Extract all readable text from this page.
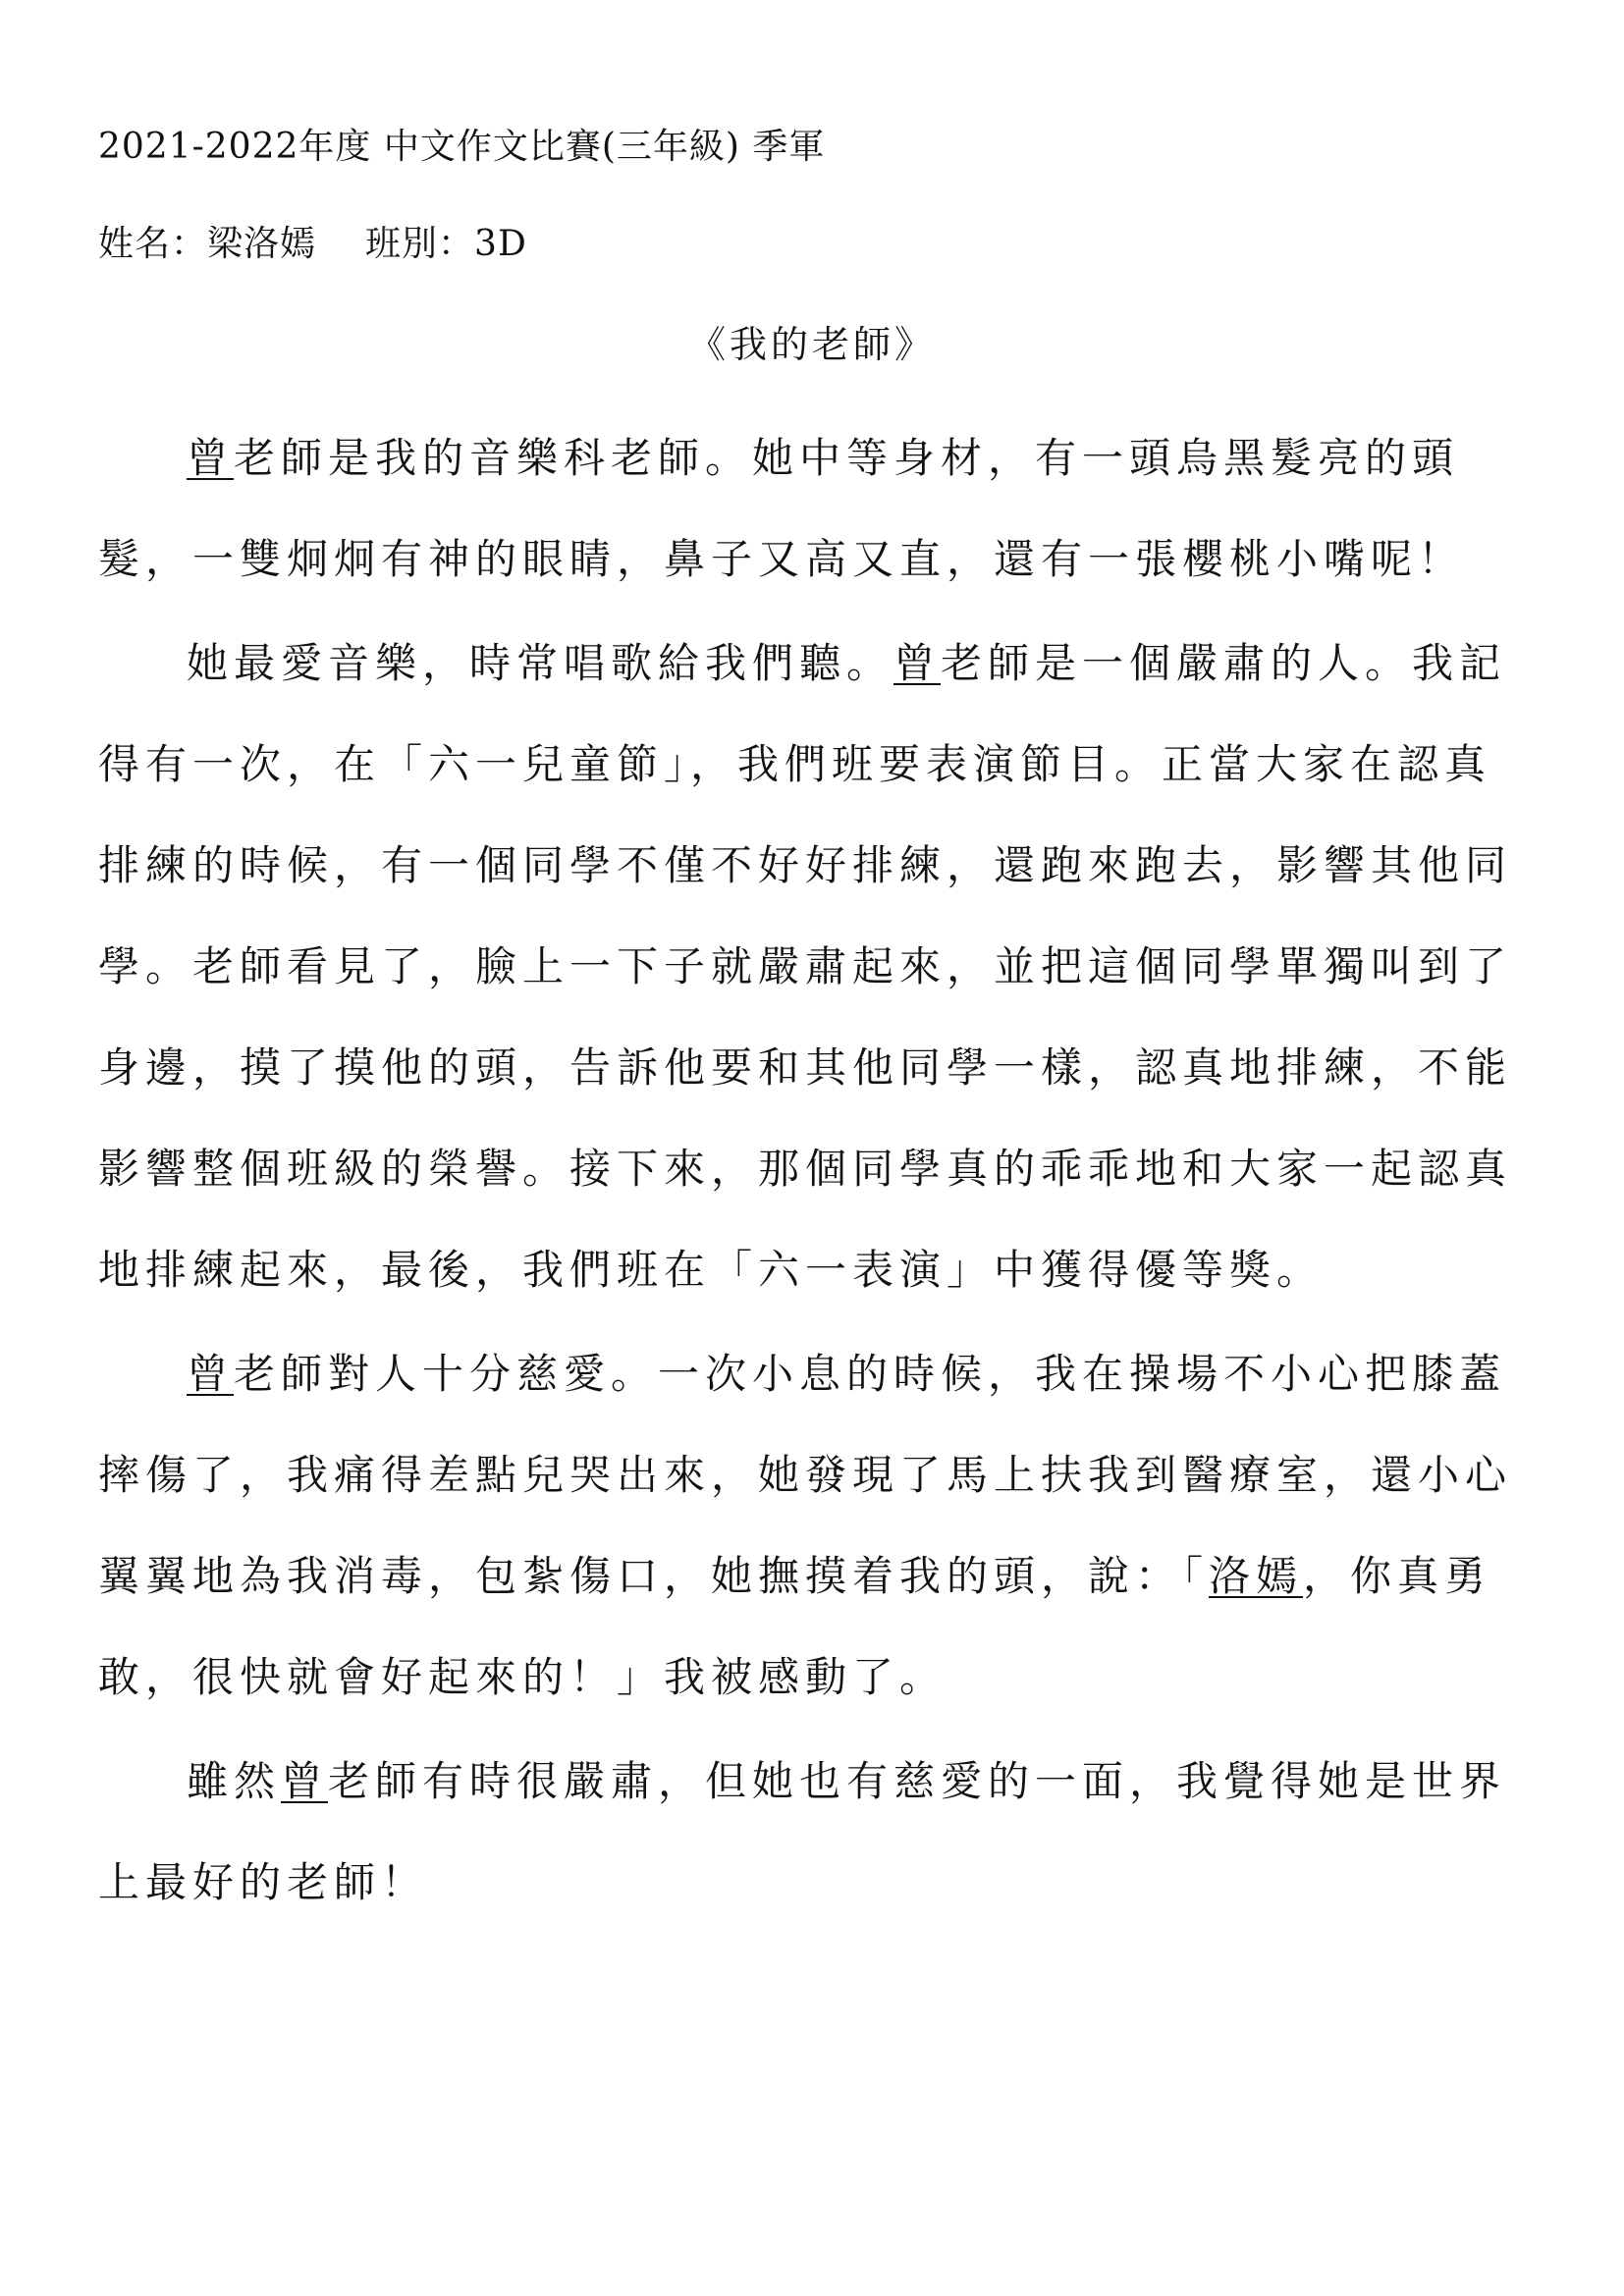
2021-2022年度 中文作文比賽(三年級) 季軍
姓名：梁洛嫣 班別：3D
《我的老師》

曾老師是我的音樂科老師。她中等身材，有一頭烏黑髮亮的頭髮，一雙炯炯有神的眼睛，鼻子又高又直，還有一張櫻桃小嘴呢！

她最愛音樂，時常唱歌給我們聽。曾老師是一個嚴肅的人。我記得有一次，在「六一兒童節」，我們班要表演節目。正當大家在認真排練的時候，有一個同學不僅不好好排練，還跑來跑去，影響其他同學。老師看見了，臉上一下子就嚴肅起來，並把這個同學單獨叫到了身邊，摸了摸他的頭，告訴他要和其他同學一樣，認真地排練，不能影響整個班級的榮譽。接下來，那個同學真的乖乖地和大家一起認真地排練起來，最後，我們班在「六一表演」中獲得優等獎。

曾老師對人十分慈愛。一次小息的時候，我在操場不小心把膝蓋摔傷了，我痛得差點兒哭出來，她發現了馬上扶我到醫療室，還小心翼翼地為我消毒，包紮傷口，她撫摸着我的頭，說：「洛嫣，你真勇敢，很快就會好起來的！」我被感動了。

雖然曾老師有時很嚴肅，但她也有慈愛的一面，我覺得她是世界上最好的老師！
